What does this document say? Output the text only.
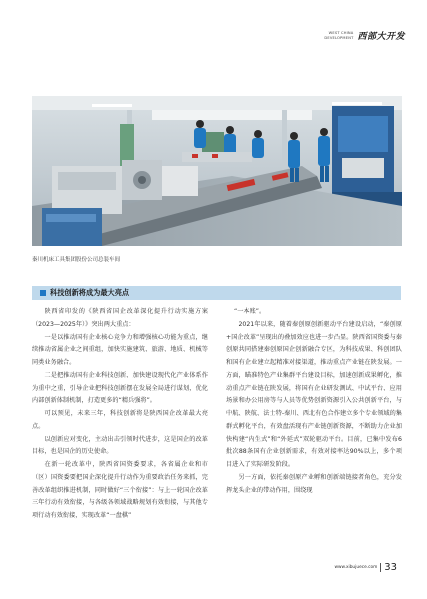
WEST CHINA
DEVELOPMENT 西部大开发
秦川机床工具集团股份公司总装车间
科技创新将成为最大亮点

陕西省印发的《陕西省国企改革深化提升行动实施方案（2023—2025年）》突出两大重点：

一是以推动国有企业核心竞争力和增强核心功能为重点，继续推动省属企业之间重组，加快实施建筑、旅游、地质、机械等同类业务融合。

二是把推动国有企业科技创新、加快建设现代化产业体系作为重中之重，引导企业把科技创新摆在发展全局进行谋划，优化内部创新体制机制，打造更多的“精兵强将”。

可以预见，未来三年，科技创新将是陕西国企改革最大亮点。

以创新应对变化，主动出击引领时代进步，这是国企的改革目标，也是国企的历史使命。

在新一轮改革中，陕西省国资委要求，各省属企业和市（区）国资委要把国企深化提升行动作为重要政治任务来抓，完善改革组织推进机制，同时做好“三个衔接”：与上一轮国企改革三年行动有效衔接，与各级各领域战略规划有效衔接，与其他专项行动有效衔接，实现改革“一盘棋”

“一本账”。

2021年以来，随着秦创原创新驱动平台建设启动，“秦创原+国企改革”呈现出的叠加效应也进一步凸显。陕西省国资委与秦创原共同搭建秦创原国企创新融合专区，为科技成果、科创团队和国有企业建立起精准对接渠道，推动重点产业链在陕发展。一方面，瞄准特色产业集群平台建设目标，加速创新成果孵化，推动重点产业链在陕发展，将国有企业研发测试、中试平台、应用场景和办公用房等与人员等优势创新资源引入公共创新平台，与中航、陕航、法士特-秦川、西北有色合作建立多个专业领域的集群式孵化平台，有效盘活现有产业链创新资源，不断助力企业加快构建“内生式”和“外延式”双轮驱动平台。目前，已集中发布6批次88条国有企业创新需求，有效对接率达90%以上，多个项目进入了实际研发阶段。

另一方面，依托秦创原产业孵和创新端链接者角色，充分发挥龙头企业的带动作用，围绕现

www.xibujuece.com 33
